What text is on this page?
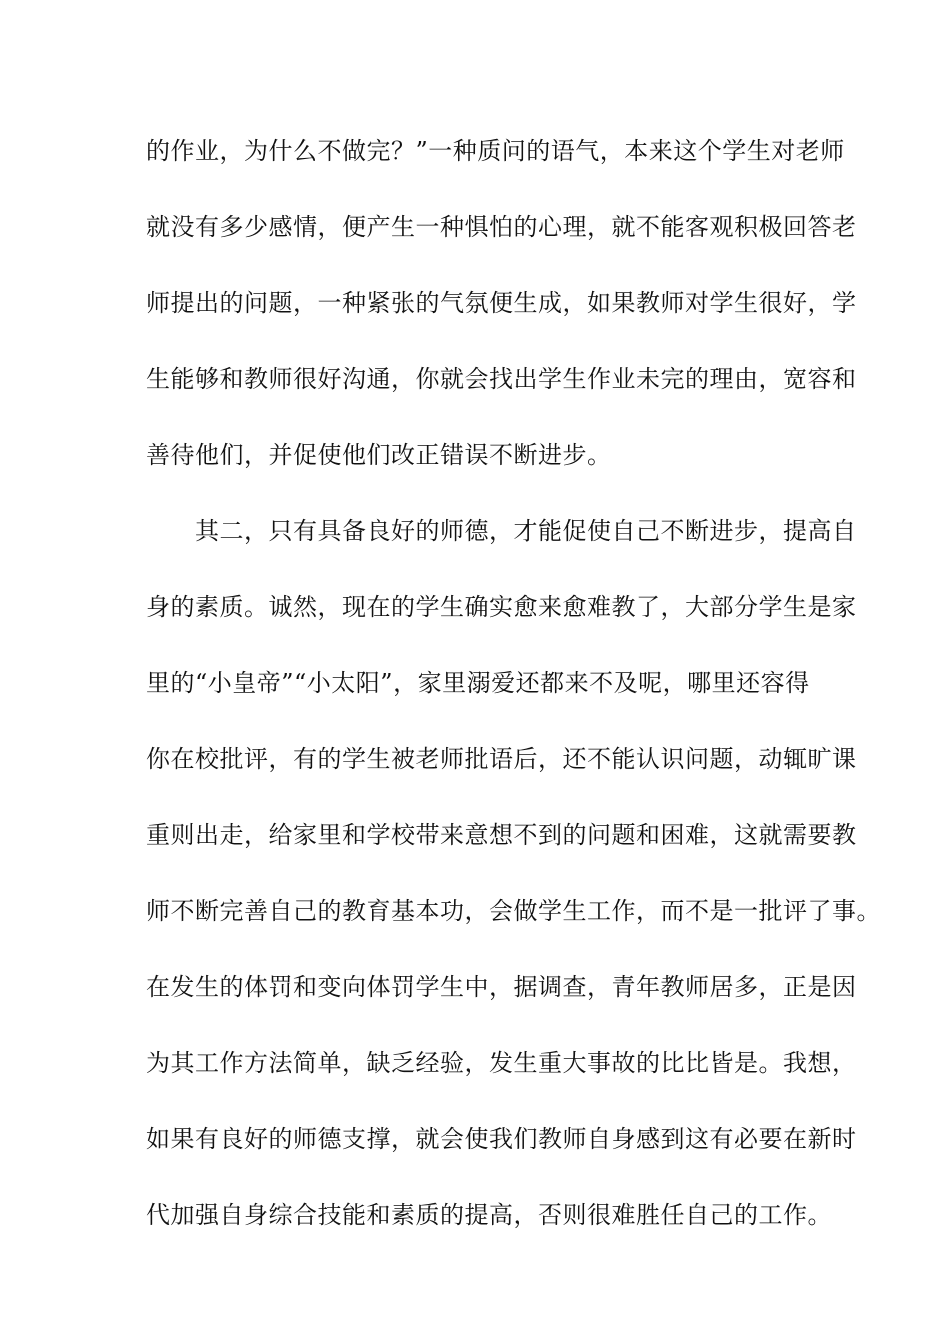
的作业，为什么不做完？”一种质问的语气，本来这个学生对老师
就没有多少感情，便产生一种惧怕的心理，就不能客观积极回答老
师提出的问题，一种紧张的气氛便生成，如果教师对学生很好，学
生能够和教师很好沟通，你就会找出学生作业未完的理由，宽容和
善待他们，并促使他们改正错误不断进步。
　　其二，只有具备良好的师德，才能促使自己不断进步，提高自
身的素质。诚然，现在的学生确实愈来愈难教了，大部分学生是家
里的“小皇帝”“小太阳”，家里溺爱还都来不及呢，哪里还容得
你在校批评，有的学生被老师批语后，还不能认识问题，动辄旷课
重则出走，给家里和学校带来意想不到的问题和困难，这就需要教
师不断完善自己的教育基本功，会做学生工作，而不是一批评了事。
在发生的体罚和变向体罚学生中，据调查，青年教师居多，正是因
为其工作方法简单，缺乏经验，发生重大事故的比比皆是。我想，
如果有良好的师德支撑，就会使我们教师自身感到这有必要在新时
代加强自身综合技能和素质的提高，否则很难胜任自己的工作。
